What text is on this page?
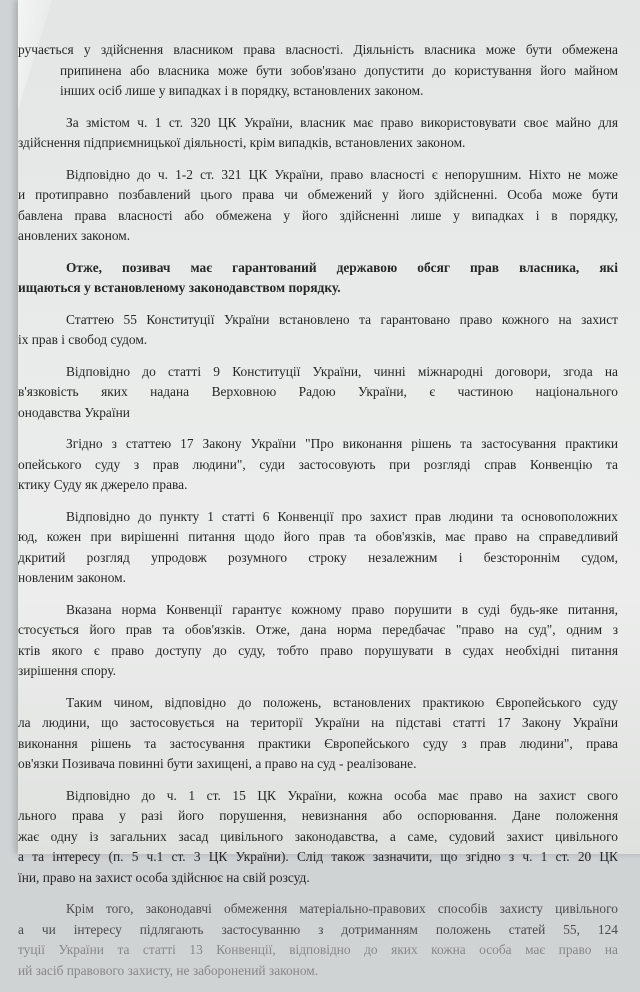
ручається у здійснення власником права власності. Діяльність власника може бути обмежена
припинена або власника може бути зобов'язано допустити до користування його майном
інших осіб лише у випадках і в порядку, встановлених законом.
За змістом ч. 1 ст. 320 ЦК України, власник має право використовувати своє майно для
здійснення підприємницької діяльності, крім випадків, встановлених законом.
Відповідно до ч. 1-2 ст. 321 ЦК України, право власності є непорушним. Ніхто не може
и протиправно позбавлений цього права чи обмежений у його здійсненні. Особа може бути
бавлена права власності або обмежена у його здійсненні лише у випадках і в порядку,
ановлених законом.
Отже, позивач має гарантований державою обсяг прав власника, які
ищаються у встановленому законодавством порядку.
Статтею 55 Конституції України встановлено та гарантовано право кожного на захист
іх прав і свобод судом.
Відповідно до статті 9 Конституції України, чинні міжнародні договори, згода на
в'язковість яких надана Верховною Радою України, є частиною національного
онодавства України
Згідно з статтею 17 Закону України "Про виконання рішень та застосування практики
опейського суду з прав людини", суди застосовують при розгляді справ Конвенцію та
ктику Суду як джерело права.
Відповідно до пункту 1 статті 6 Конвенції про захист прав людини та основоположних
юд, кожен при вирішенні питання щодо його прав та обов'язків, має право на справедливий
дкритий розгляд упродовж розумного строку незалежним і безстороннім судом,
новленим законом.
Вказана норма Конвенції гарантує кожному право порушити в суді будь-яке питання,
стосується його прав та обов'язків. Отже, дана норма передбачає "право на суд", одним з
ктів якого є право доступу до суду, тобто право порушувати в судах необхідні питання
зирішення спору.
Таким чином, відповідно до положень, встановлених практикою Європейського суду
ла людини, що застосовується на території України на підставі статті 17 Закону України
виконання рішень та застосування практики Європейського суду з прав людини", права
ов'язки Позивача повинні бути захищені, а право на суд - реалізоване.
Відповідно до ч. 1 ст. 15 ЦК України, кожна особа має право на захист свого
льного права у разі його порушення, невизнання або оспорювання. Дане положення
жає одну із загальних засад цивільного законодавства, а саме, судовий захист цивільного
а та інтересу (п. 5 ч.1 ст. 3 ЦК України). Слід також зазначити, що згідно з ч. 1 ст. 20 ЦК
їни, право на захист особа здійснює на свій розсуд.
Крім того, законодавчі обмеження матеріально-правових способів захисту цивільного
а чи інтересу підлягають застосуванню з дотриманням положень статей 55, 124
туції України та статті 13 Конвенції, відповідно до яких кожна особа має право на
ий засіб правового захисту, не заборонений законом.
